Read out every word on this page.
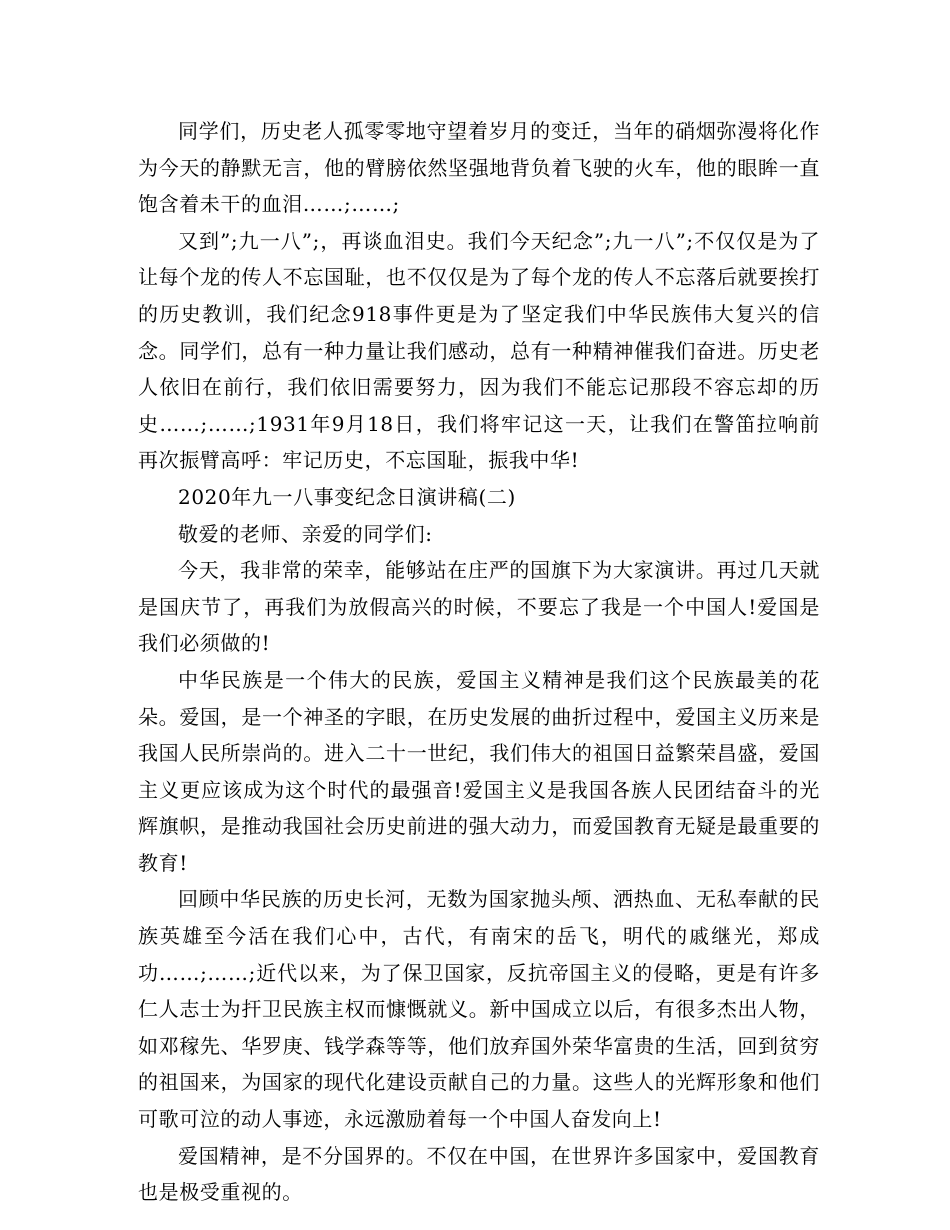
同学们，历史老人孤零零地守望着岁月的变迁，当年的硝烟弥漫将化作为今天的静默无言，他的臂膀依然坚强地背负着飞驶的火车，他的眼眸一直饱含着未干的血泪……;……;

又到”;九一八”;，再谈血泪史。我们今天纪念”;九一八”;不仅仅是为了让每个龙的传人不忘国耻，也不仅仅是为了每个龙的传人不忘落后就要挨打的历史教训，我们纪念918事件更是为了坚定我们中华民族伟大复兴的信念。同学们，总有一种力量让我们感动，总有一种精神催我们奋进。历史老人依旧在前行，我们依旧需要努力，因为我们不能忘记那段不容忘却的历史……;……;1931年9月18日，我们将牢记这一天，让我们在警笛拉响前再次振臂高呼：牢记历史，不忘国耻，振我中华!

2020年九一八事变纪念日演讲稿(二)

敬爱的老师、亲爱的同学们:

今天，我非常的荣幸，能够站在庄严的国旗下为大家演讲。再过几天就是国庆节了，再我们为放假高兴的时候，不要忘了我是一个中国人!爱国是我们必须做的!

中华民族是一个伟大的民族，爱国主义精神是我们这个民族最美的花朵。爱国，是一个神圣的字眼，在历史发展的曲折过程中，爱国主义历来是我国人民所崇尚的。进入二十一世纪，我们伟大的祖国日益繁荣昌盛，爱国主义更应该成为这个时代的最强音!爱国主义是我国各族人民团结奋斗的光辉旗帜，是推动我国社会历史前进的强大动力，而爱国教育无疑是最重要的教育!

回顾中华民族的历史长河，无数为国家抛头颅、洒热血、无私奉献的民族英雄至今活在我们心中，古代，有南宋的岳飞，明代的戚继光，郑成功……;……;近代以来，为了保卫国家，反抗帝国主义的侵略，更是有许多仁人志士为扞卫民族主权而慷慨就义。新中国成立以后，有很多杰出人物，如邓稼先、华罗庚、钱学森等等，他们放弃国外荣华富贵的生活，回到贫穷的祖国来，为国家的现代化建设贡献自己的力量。这些人的光辉形象和他们可歌可泣的动人事迹，永远激励着每一个中国人奋发向上!

爱国精神，是不分国界的。不仅在中国，在世界许多国家中，爱国教育也是极受重视的。
